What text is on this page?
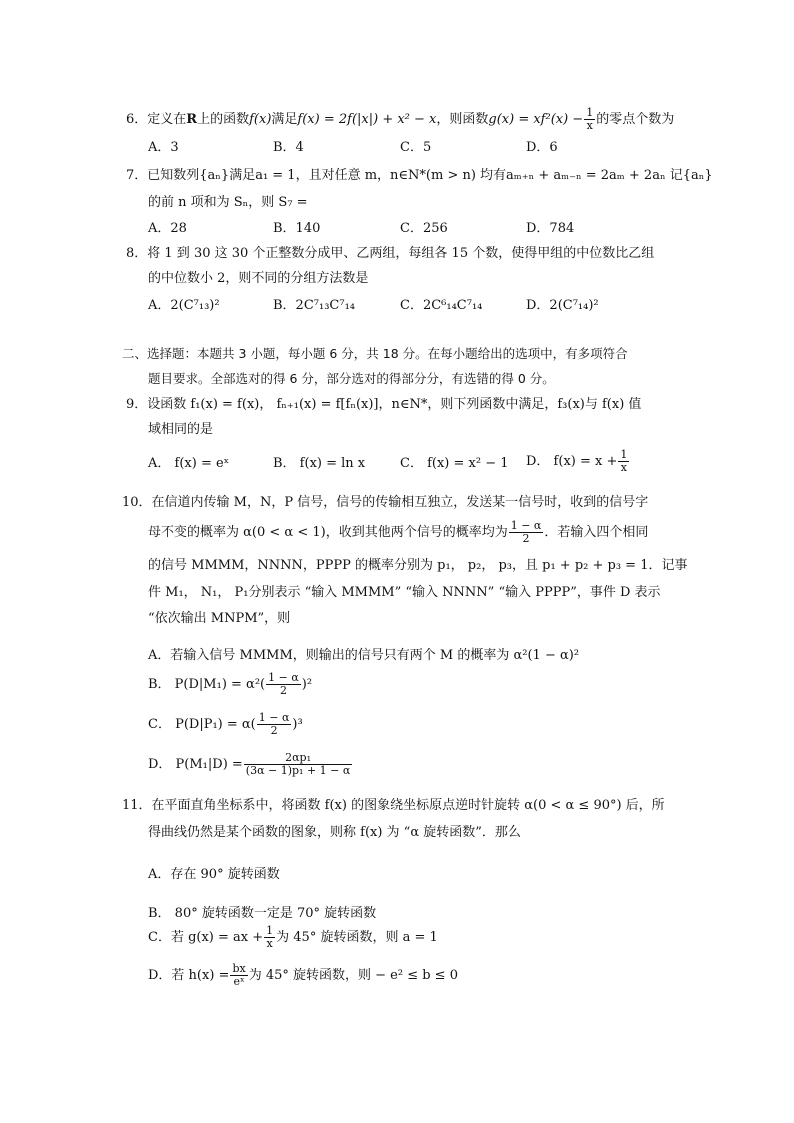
6．定义在R上的函数f(x)满足f(x) = 2f(|x|) + x² − x，则函数$g(x) = xf^2(x) - \frac{1}{x}$ 的零点个数为
A．3	B．4	C．5	D．6
7．已知数列{aₙ}满足a₁ = 1，且对任意 m，n∈N*(m > n) 均有aₘ₊ₙ + aₘ₋ₙ = 2aₘ + 2aₙ 记{aₙ}
的前 n 项和为 Sₙ，则 S₇ =
A．28	B．140	C．256	D．784
8．将 1 到 30 这 30 个正整数分成甲、乙两组，每组各 15 个数，使得甲组的中位数比乙组
的中位数小 2，则不同的分组方法数是
A．2(C⁷₁₃)²	B．2C⁷₁₃C⁷₁₄	C．2C⁶₁₄C⁷₁₄	D．2(C⁷₁₄)²
二、选择题：本题共 3 小题，每小题 6 分，共 18 分。在每小题给出的选项中，有多项符合
题目要求。全部选对的得 6 分，部分选对的得部分分，有选错的得 0 分。
9．设函数 f₁(x) = f(x)， fₙ₊₁(x) = f[fₙ(x)]，n∈N*，则下列函数中满足，f₃(x)与 f(x) 值
域相同的是
A． f(x) = eˣ	B． f(x) = ln x	C． f(x) = x² − 1 D． $f(x) = x + \frac{1}{x}$
10．在信道内传输 M，N，P 信号，信号的传输相互独立，发送某一信号时，收到的信号字
母不变的概率为 α(0 < α < 1)，收到其他两个信号的概率均为 $\frac{1 - \alpha}{2}$ ．若输入四个相同
的信号 MMMM，NNNN，PPPP 的概率分别为 p₁， p₂， p₃，且 p₁ + p₂ + p₃ = 1．记事
件 M₁， N₁， P₁分别表示 “输入 MMMM” “输入 NNNN” “输入 PPPP”，事件 D 表示
“依次输出 MNPM”，则
A．若输入信号 MMMM，则输出的信号只有两个 M 的概率为 α²(1 − α)²
B． $P(D|M_1) = \alpha^2( \frac{1 - \alpha}{2} )^2$
C． $P(D|P_1) = \alpha( \frac{1 - \alpha}{2} )^3$
D． $P(M_1|D) = \frac{\text{2αp₁}}{\text{(3α − 1)p₁ + 1 − α}}$
11．在平面直角坐标系中，将函数 f(x) 的图象绕坐标原点逆时针旋转 α(0 < α ≤ 90°) 后，所
得曲线仍然是某个函数的图象，则称 f(x) 为 “α 旋转函数”．那么
A．存在 90° 旋转函数
B． 80° 旋转函数一定是 70° 旋转函数
C．若 g(x) = ax + $\frac{1}{x}$ 为 45° 旋转函数，则 a = 1
D．若 $h(x) = \frac{bx}{\text{eˣ}}$ 为 45° 旋转函数，则 − e² ≤ b ≤ 0
